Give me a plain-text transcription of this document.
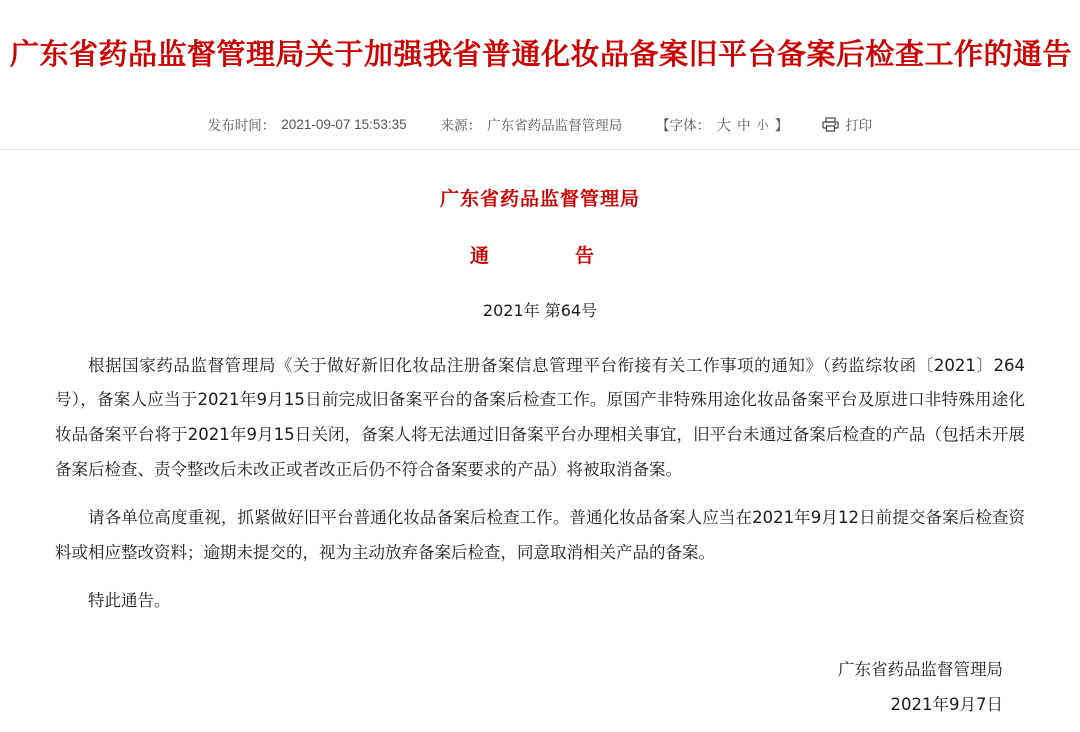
广东省药品监督管理局关于加强我省普通化妆品备案旧平台备案后检查工作的通告
发布时间： 2021-09-07 15:53:35	来源： 广东省药品监督管理局	【字体： 大 中 小 】	打印
广东省药品监督管理局
通　　告
2021年 第64号

根据国家药品监督管理局《关于做好新旧化妆品注册备案信息管理平台衔接有关工作事项的通知》（药监综妆函〔2021〕264号），备案人应当于2021年9月15日前完成旧备案平台的备案后检查工作。原国产非特殊用途化妆品备案平台及原进口非特殊用途化妆品备案平台将于2021年9月15日关闭，备案人将无法通过旧备案平台办理相关事宜，旧平台未通过备案后检查的产品（包括未开展备案后检查、责令整改后未改正或者改正后仍不符合备案要求的产品）将被取消备案。

请各单位高度重视，抓紧做好旧平台普通化妆品备案后检查工作。普通化妆品备案人应当在2021年9月12日前提交备案后检查资料或相应整改资料；逾期未提交的，视为主动放弃备案后检查，同意取消相关产品的备案。

特此通告。

广东省药品监督管理局
2021年9月7日
